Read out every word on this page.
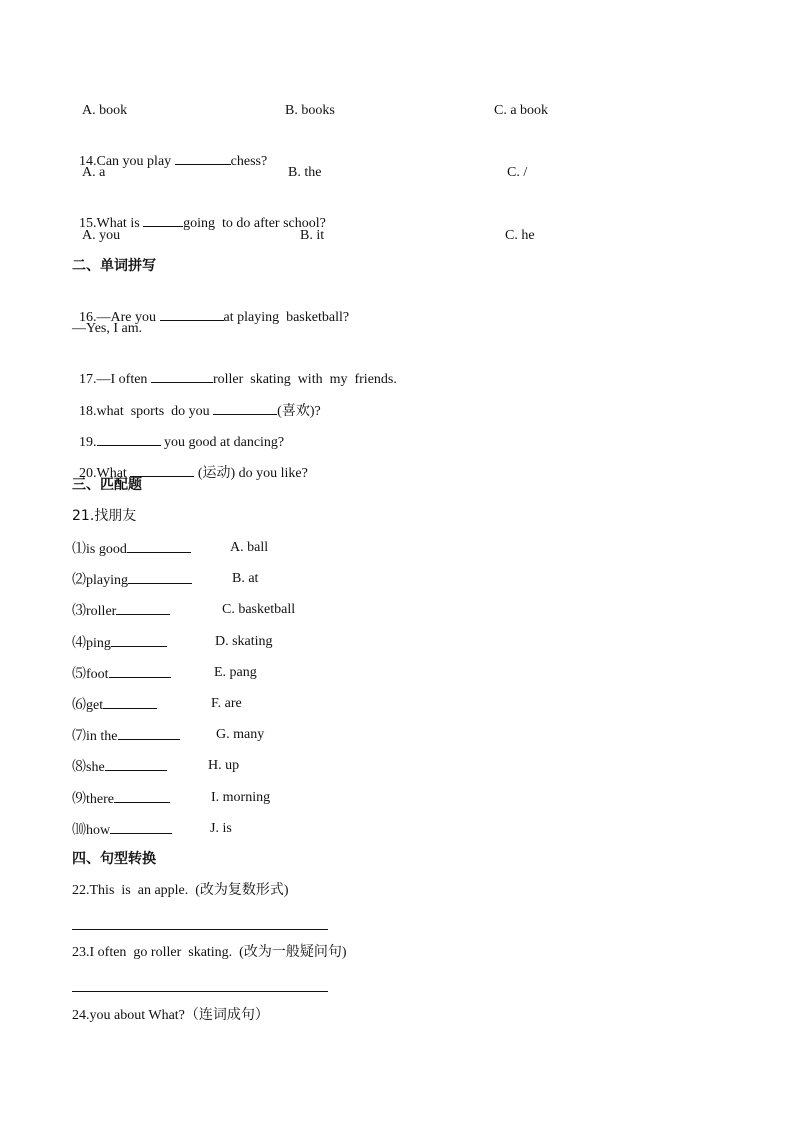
A. book	B. books	C. a book

14.Can you play	chess?

A. a	B. the	C. /

15.What is	going  to do after school?

A. you	B. it	C. he
二、单词拼写

16.—Are you	at playing  basketball?

—Yes, I am.

17.—I often	roller  skating  with  my  friends.

18.what  sports  do you	(喜欢)?

19.	you good at dancing?

20.What	(运动) do you like?

三、匹配题
21.找朋友
⑴is good	A. ball
⑵playing	B. at
⑶roller	C. basketball
⑷ping	D. skating
⑸foot	E. pang
⑹get	F. are
⑺in the	G. many
⑻she	H. up
⑼there	I. morning
⑽how	J. is
四、句型转换
22.This  is  an apple.  (改为复数形式)
23.I often  go roller  skating.  (改为一般疑问句)
24.you about What?（连词成句）
